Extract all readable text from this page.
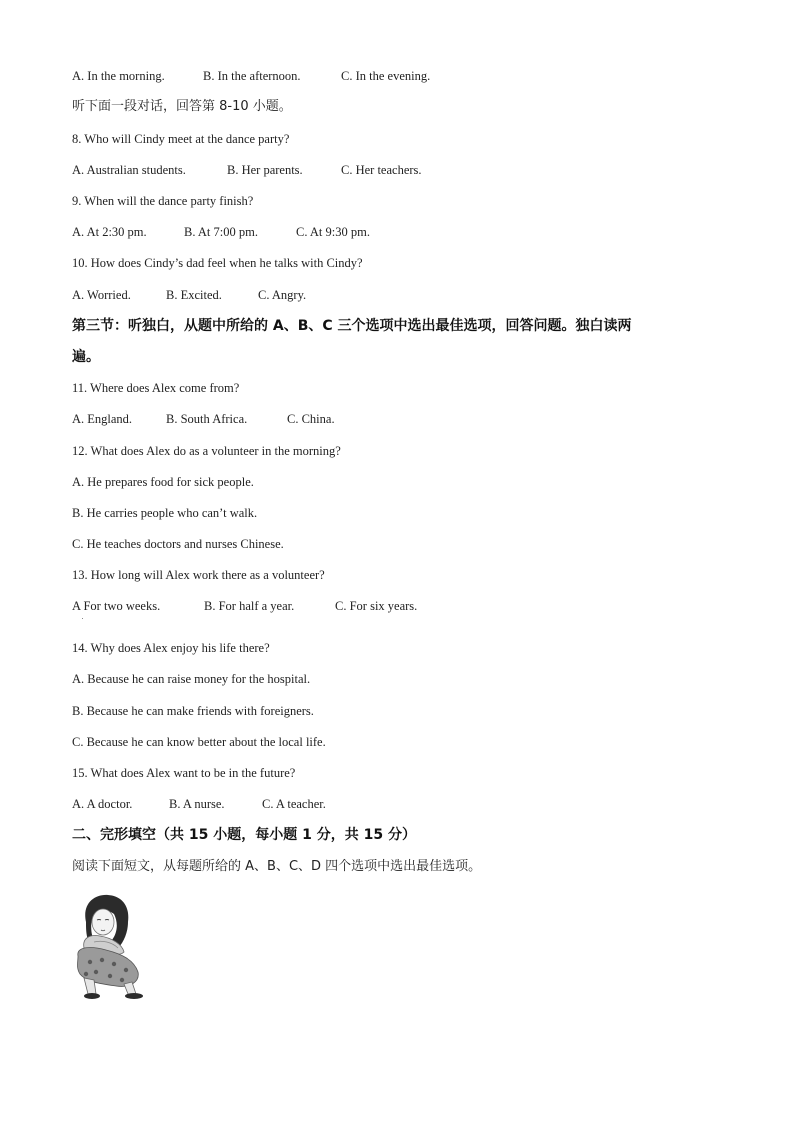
A. In the morning.	B. In the afternoon.	C. In the evening.
听下面一段对话，回答第 8-10 小题。
8. Who will Cindy meet at the dance party?
A. Australian students.	B. Her parents.	C. Her teachers.
9. When will the dance party finish?
A. At 2:30 pm.	B. At 7:00 pm.	C. At 9:30 pm.
10. How does Cindy’s dad feel when he talks with Cindy?
A. Worried.	B. Excited.	C. Angry.
第三节：听独白，从题中所给的 A、B、C 三个选项中选出最佳选项，回答问题。独白读两
遍。
11. Where does Alex come from?
A. England.	B. South Africa.	C. China.
12. What does Alex do as a volunteer in the morning?
A. He prepares food for sick people.
B. He carries people who can’t walk.
C. He teaches doctors and nurses Chinese.
13. How long will Alex work there as a volunteer?
A For two weeks.	B. For half a year.	C. For six years.
14. Why does Alex enjoy his life there?
A. Because he can raise money for the hospital.
B. Because he can make friends with foreigners.
C. Because he can know better about the local life.
15. What does Alex want to be in the future?
A. A doctor.	B. A nurse.	C. A teacher.
二、完形填空（共 15 小题，每小题 1 分，共 15 分）
阅读下面短文，从每题所给的 A、B、C、D 四个选项中选出最佳选项。
